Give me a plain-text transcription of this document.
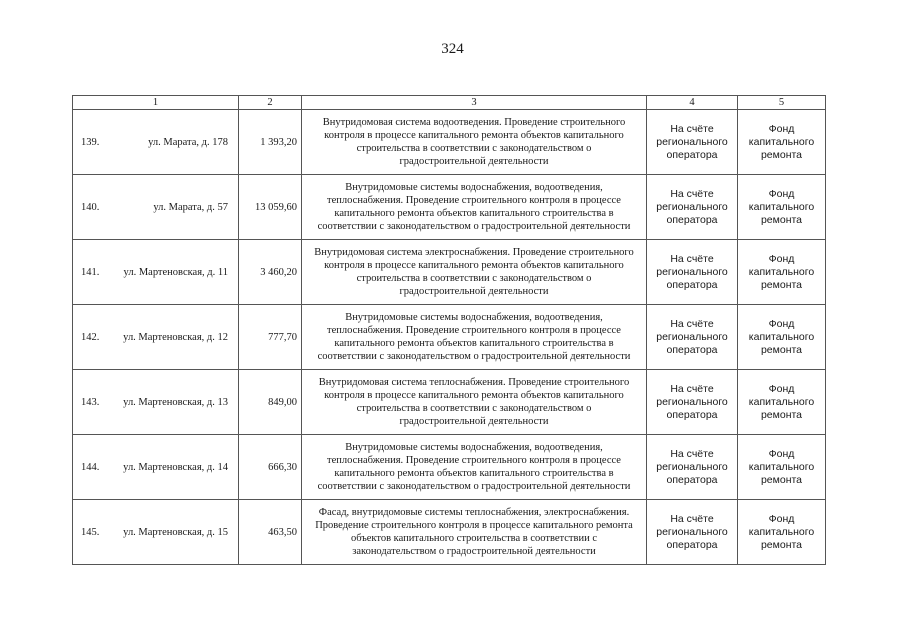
324
1	2	3	4	5

139. ул. Марата, д. 178	1 393,20	Внутридомовая система водоотведения. Проведение строительного контроля в процессе капитального ремонта объектов капитального строительства в соответствии с законодательством о градостроительной деятельности	На счёте регионального оператора	Фонд капитального ремонта

140. ул. Марата, д. 57	13 059,60	Внутридомовые системы водоснабжения, водоотведения, теплоснабжения. Проведение строительного контроля в процессе капитального ремонта объектов капитального строительства в соответствии с законодательством о градостроительной деятельности	На счёте регионального оператора	Фонд капитального ремонта

141. ул. Мартеновская, д. 11	3 460,20	Внутридомовая система электроснабжения. Проведение строительного контроля в процессе капитального ремонта объектов капитального строительства в соответствии с законодательством о градостроительной деятельности	На счёте регионального оператора	Фонд капитального ремонта

142. ул. Мартеновская, д. 12	777,70	Внутридомовые системы водоснабжения, водоотведения, теплоснабжения. Проведение строительного контроля в процессе капитального ремонта объектов капитального строительства в соответствии с законодательством о градостроительной деятельности	На счёте регионального оператора	Фонд капитального ремонта

143. ул. Мартеновская, д. 13	849,00	Внутридомовая система теплоснабжения. Проведение строительного контроля в процессе капитального ремонта объектов капитального строительства в соответствии с законодательством о градостроительной деятельности	На счёте регионального оператора	Фонд капитального ремонта

144. ул. Мартеновская, д. 14	666,30	Внутридомовые системы водоснабжения, водоотведения, теплоснабжения. Проведение строительного контроля в процессе капитального ремонта объектов капитального строительства в соответствии с законодательством о градостроительной деятельности	На счёте регионального оператора	Фонд капитального ремонта

145. ул. Мартеновская, д. 15	463,50	Фасад, внутридомовые системы теплоснабжения, электроснабжения. Проведение строительного контроля в процессе капитального ремонта объектов капитального строительства в соответствии с законодательством о градостроительной деятельности	На счёте регионального оператора	Фонд капитального ремонта
